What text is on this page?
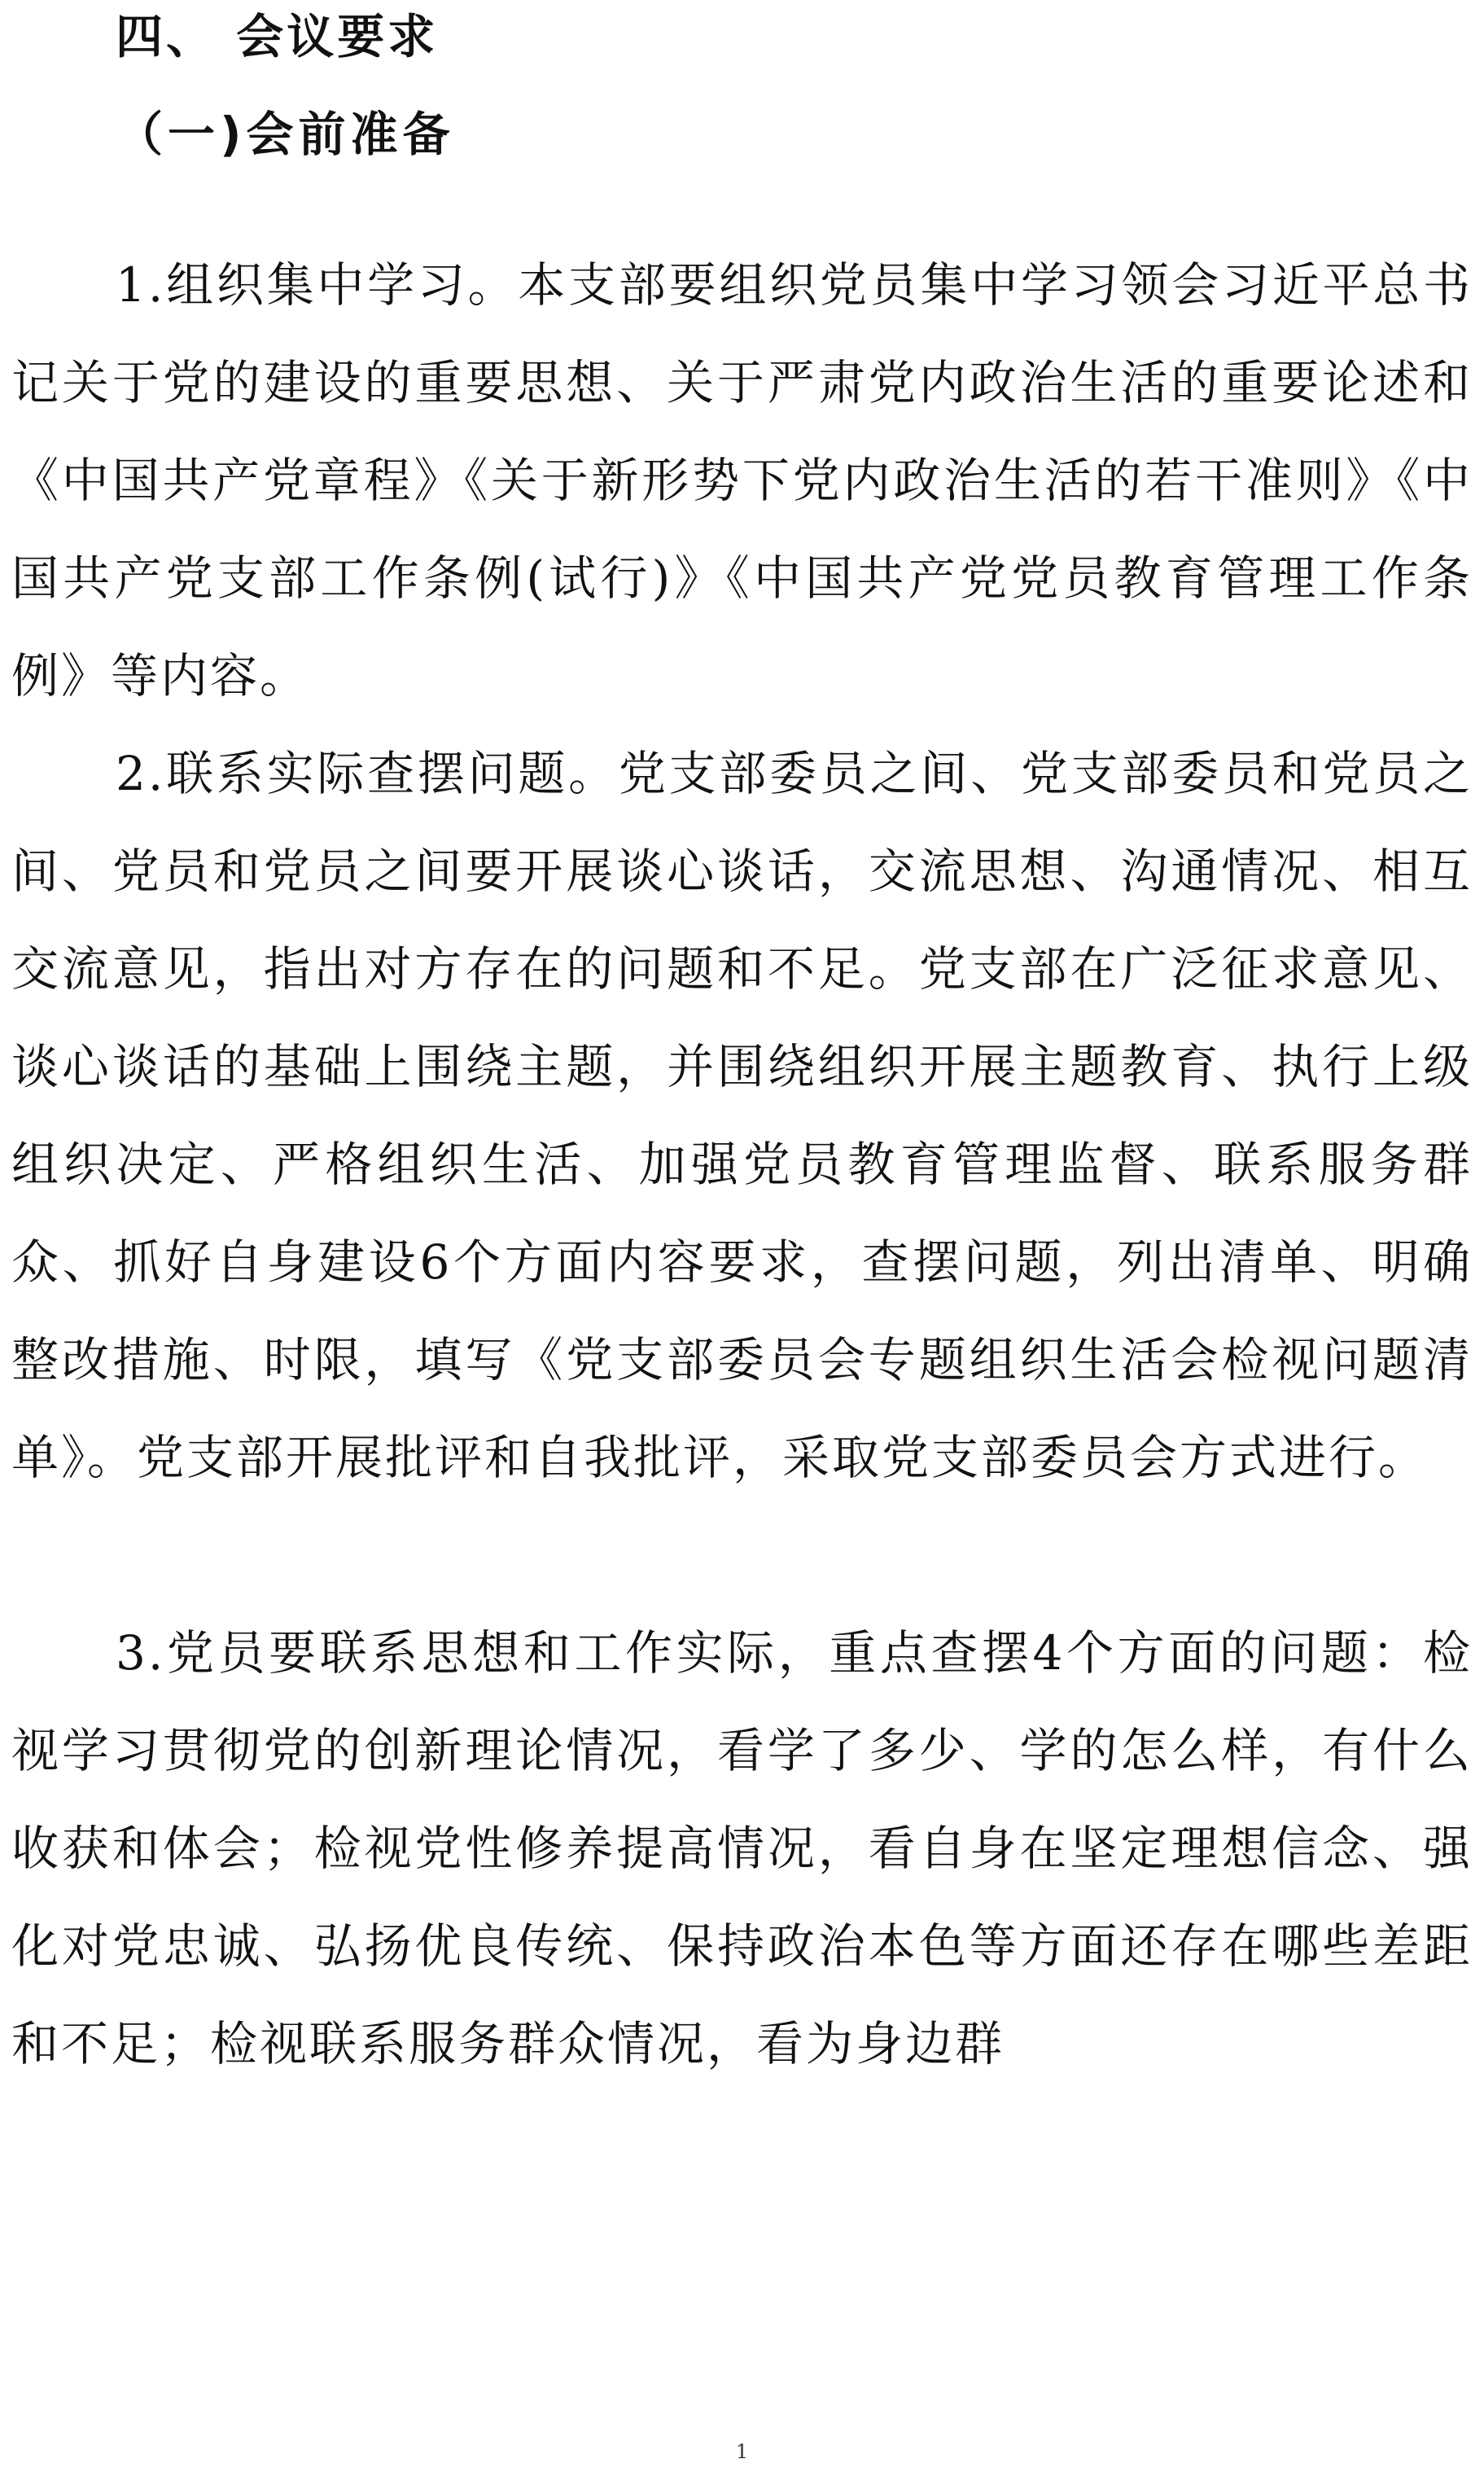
四、 会议要求
（一)会前准备

1.组织集中学习。本支部要组织党员集中学习领会习近平总书记关于党的建设的重要思想、关于严肃党内政治生活的重要论述和《中国共产党章程》《关于新形势下党内政治生活的若干准则》《中国共产党支部工作条例(试行)》《中国共产党党员教育管理工作条例》等内容。

2.联系实际查摆问题。党支部委员之间、党支部委员和党员之间、党员和党员之间要开展谈心谈话，交流思想、沟通情况、相互交流意见，指出对方存在的问题和不足。党支部在广泛征求意见、谈心谈话的基础上围绕主题，并围绕组织开展主题教育、执行上级组织决定、严格组织生活、加强党员教育管理监督、联系服务群众、抓好自身建设6个方面内容要求，查摆问题，列出清单、明确整改措施、时限，填写《党支部委员会专题组织生活会检视问题清单》。党支部开展批评和自我批评，采取党支部委员会方式进行。

3.党员要联系思想和工作实际，重点查摆4个方面的问题：检视学习贯彻党的创新理论情况，看学了多少、学的怎么样，有什么收获和体会；检视党性修养提高情况，看自身在坚定理想信念、强化对党忠诚、弘扬优良传统、保持政治本色等方面还存在哪些差距和不足；检视联系服务群众情况，看为身边群

1
